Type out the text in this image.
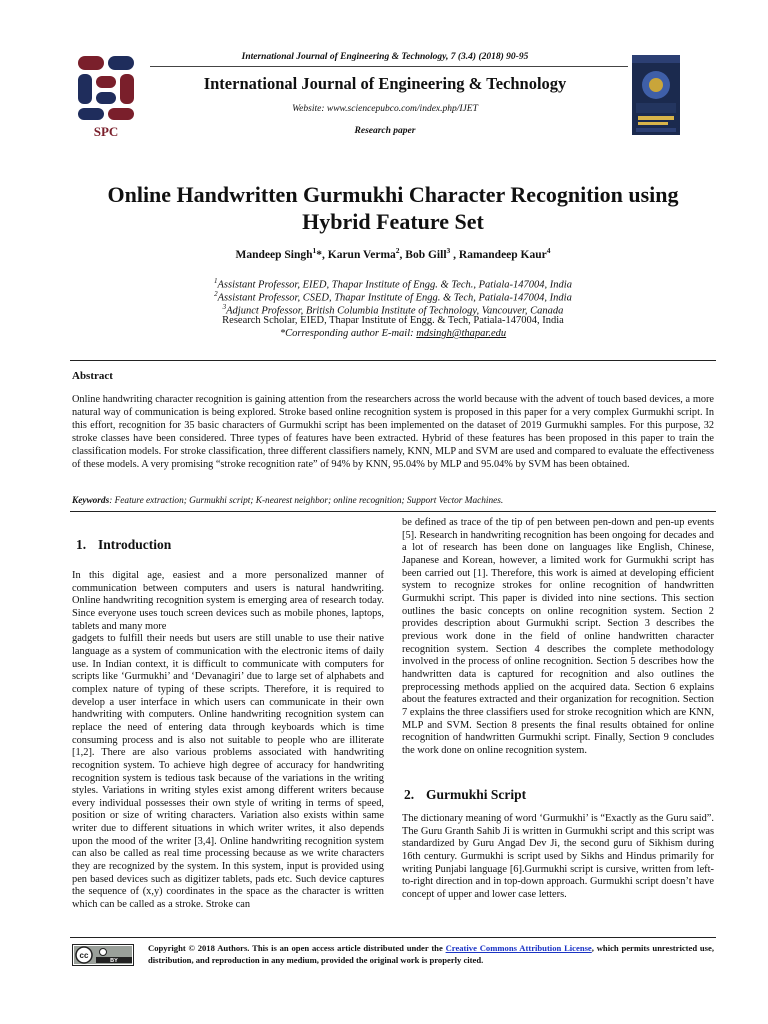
SPC
International Journal of Engineering & Technology, 7 (3.4) (2018) 90-95
International Journal of Engineering & Technology
Website: www.sciencepubco.com/index.php/IJET
Research paper
Online Handwritten Gurmukhi Character Recognition using
Hybrid Feature Set
Mandeep Singh$^1$*, Karun Verma$^2$, Bob Gill$^3$ , Ramandeep Kaur$^4$
$^1$Assistant Professor, EIED, Thapar Institute of Engg. & Tech., Patiala-147004, India
$^2$Assistant Professor, CSED, Thapar Institute of Engg. & Tech, Patiala-147004, India
$^3$Adjunct Professor, British Columbia Institute of Technology, Vancouver, Canada
Research Scholar, EIED, Thapar Institute of Engg. & Tech, Patiala-147004, India
*Corresponding author E-mail: mdsingh@thapar.edu
Abstract
Online handwriting character recognition is gaining attention from the researchers across the world because with the advent of touch based devices, a more natural way of communication is being explored. Stroke based online recognition system is proposed in this paper for a very complex Gurmukhi script. In this effort, recognition for 35 basic characters of Gurmukhi script has been implemented on the dataset of 2019 Gurmukhi samples. For this purpose, 32 stroke classes have been considered. Three types of features have been extracted. Hybrid of these features has been proposed in this paper to train the classification models. For stroke classification, three different classifiers namely, KNN, MLP and SVM are used and compared to evaluate the effectiveness of these models. A very promising “stroke recognition rate” of 94% by KNN, 95.04% by MLP and 95.04% by SVM has been obtained.
Keywords: Feature extraction; Gurmukhi script; K-nearest neighbor; online recognition; Support Vector Machines.
1. Introduction
In this digital age, easiest and a more personalized manner of communication between computers and users is natural handwriting. Online handwriting recognition system is emerging area of research today. Since everyone uses touch screen devices such as mobile phones, laptops, tablets and many more
gadgets to fulfill their needs but users are still unable to use their native language as a system of communication with the electronic items of daily use. In Indian context, it is difficult to communicate with computers for scripts like ‘Gurmukhi’ and ‘Devanagiri’ due to large set of alphabets and complex nature of typing of these scripts. Therefore, it is required to develop a user interface in which users can communicate in their own handwriting with computers. Online handwriting recognition system can replace the need of entering data through keyboards which is time consuming process and is also not suitable to people who are illiterate [1,2]. There are also various problems associated with handwriting recognition system. To achieve high degree of accuracy for handwriting recognition system is tedious task because of the variations in the writing styles. Variations in writing styles exist among different writers because every individual possesses their own style of writing in terms of speed, position or size of writing characters. Variation also exists within same writer due to different situations in which writer writes, it also depends upon the mood of the writer [3,4]. Online handwriting recognition system can also be called as real time processing because as we write characters they are recognized by the system. In this system, input is provided using pen based devices such as digitizer tablets, pads etc. Such device captures the sequence of (x,y) coordinates in the space as the character is written which can be called as a stroke. Stroke can
be defined as trace of the tip of pen between pen-down and pen-up events [5]. Research in handwriting recognition has been ongoing for decades and a lot of research has been done on languages like English, Chinese, Japanese and Korean, however, a limited work for Gurmukhi script has been carried out [1]. Therefore, this work is aimed at developing efficient system to recognize strokes for online recognition of handwritten Gurmukhi script. This paper is divided into nine sections. This section outlines the basic concepts on online recognition system. Section 2 provides description about Gurmukhi script. Section 3 describes the previous work done in the field of online handwritten character recognition system. Section 4 describes the complete methodology involved in the process of online recognition. Section 5 describes how the handwritten data is captured for recognition and also outlines the preprocessing methods applied on the acquired data. Section 6 explains about the features extracted and their organization for recognition. Section 7 explains the three classifiers used for stroke recognition which are KNN, MLP and SVM. Section 8 presents the final results obtained for online recognition of handwritten Gurmukhi script. Finally, Section 9 concludes the work done on online recognition system.
2. Gurmukhi Script
The dictionary meaning of word ‘Gurmukhi’ is “Exactly as the Guru said”. The Guru Granth Sahib Ji is written in Gurmukhi script and this script was standardized by Guru Angad Dev Ji, the second guru of Sikhism during 16th century. Gurmukhi is script used by Sikhs and Hindus primarily for writing Punjabi language [6].Gurmukhi script is cursive, written from left-to-right direction and in top-down approach. Gurmukhi script doesn’t have concept of upper and lower case letters.
cc
BY
Copyright © 2018 Authors. This is an open access article distributed under the Creative Commons Attribution License, which permits unrestricted use, distribution, and reproduction in any medium, provided the original work is properly cited.
